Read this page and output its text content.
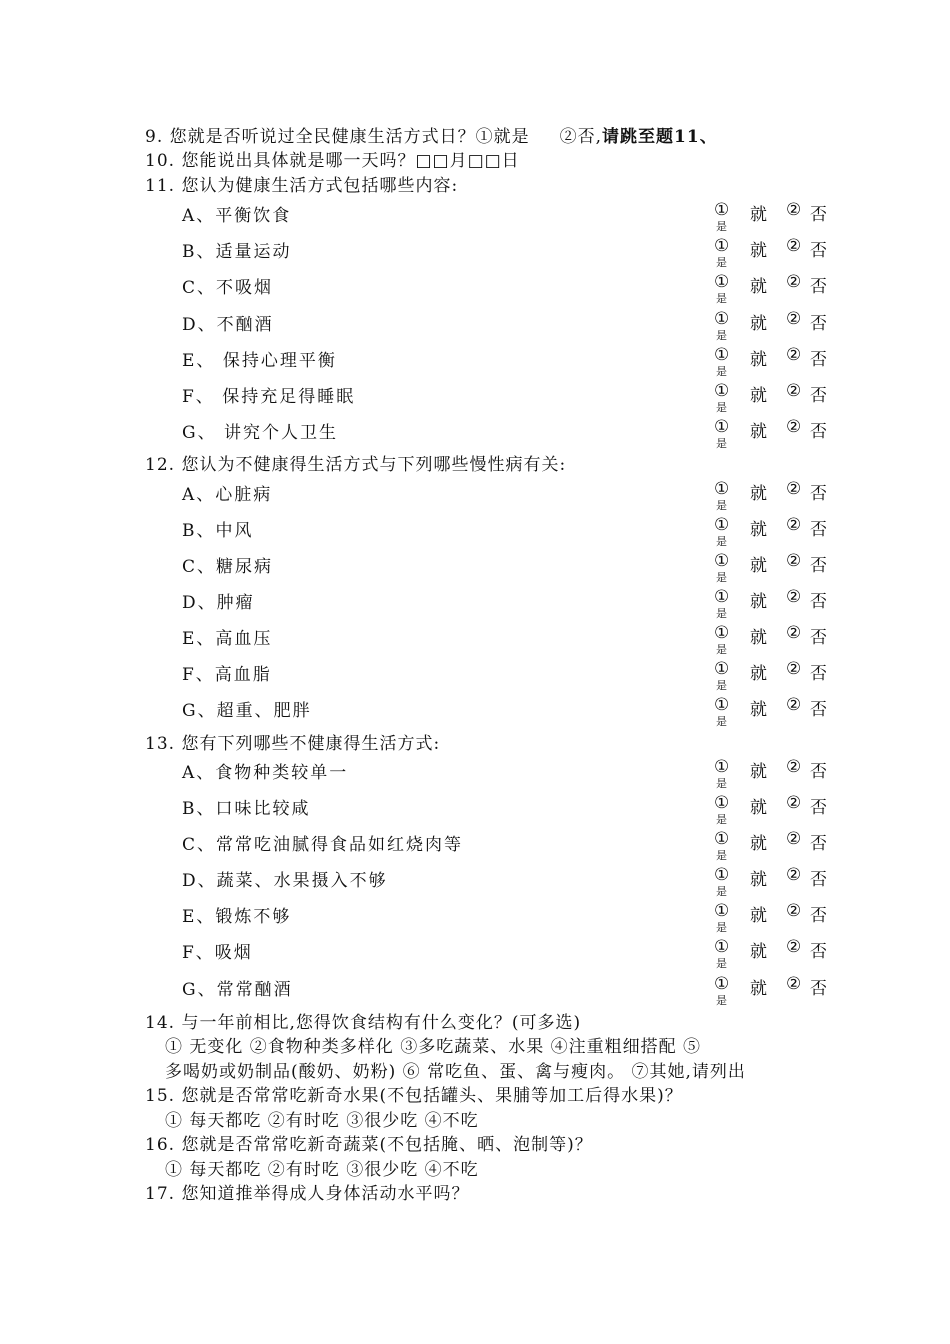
9. 您就是否听说过全民健康生活方式日？①就是 ②否,请跳至题11、
10. 您能说出具体就是哪一天吗？□□月□□日
11. 您认为健康生活方式包括哪些内容:
A、平衡饮食
B、适量运动
C、不吸烟
D、不酗酒
E、 保持心理平衡
F、 保持充足得睡眠
G、 讲究个人卫生
12. 您认为不健康得生活方式与下列哪些慢性病有关:
A、心脏病
B、中风
C、糖尿病
D、肿瘤
E、高血压
F、高血脂
G、超重、肥胖
13. 您有下列哪些不健康得生活方式:
A、食物种类较单一
B、口味比较咸
C、常常吃油腻得食品如红烧肉等
D、蔬菜、水果摄入不够
E、锻炼不够
F、吸烟
G、常常酗酒
14. 与一年前相比,您得饮食结构有什么变化？(可多选)
① 无变化 ②食物种类多样化 ③多吃蔬菜、水果 ④注重粗细搭配 ⑤
多喝奶或奶制品(酸奶、奶粉) ⑥ 常吃鱼、蛋、禽与瘦肉。 ⑦其她,请列出
15. 您就是否常常吃新奇水果(不包括罐头、果脯等加工后得水果)？
① 每天都吃 ②有时吃 ③很少吃 ④不吃
16. 您就是否常常吃新奇蔬菜(不包括腌、晒、泡制等)？
① 每天都吃 ②有时吃 ③很少吃 ④不吃
17. 您知道推举得成人身体活动水平吗？
① 就 ② 否
是
① 就 ② 否
是
① 就 ② 否
是
① 就 ② 否
是
① 就 ② 否
是
① 就 ② 否
是
① 就 ② 否
是
① 就 ② 否
是
① 就 ② 否
是
① 就 ② 否
是
① 就 ② 否
是
① 就 ② 否
是
① 就 ② 否
是
① 就 ② 否
是
① 就 ② 否
是
① 就 ② 否
是
① 就 ② 否
是
① 就 ② 否
是
① 就 ② 否
是
① 就 ② 否
是
① 就 ② 否
是
